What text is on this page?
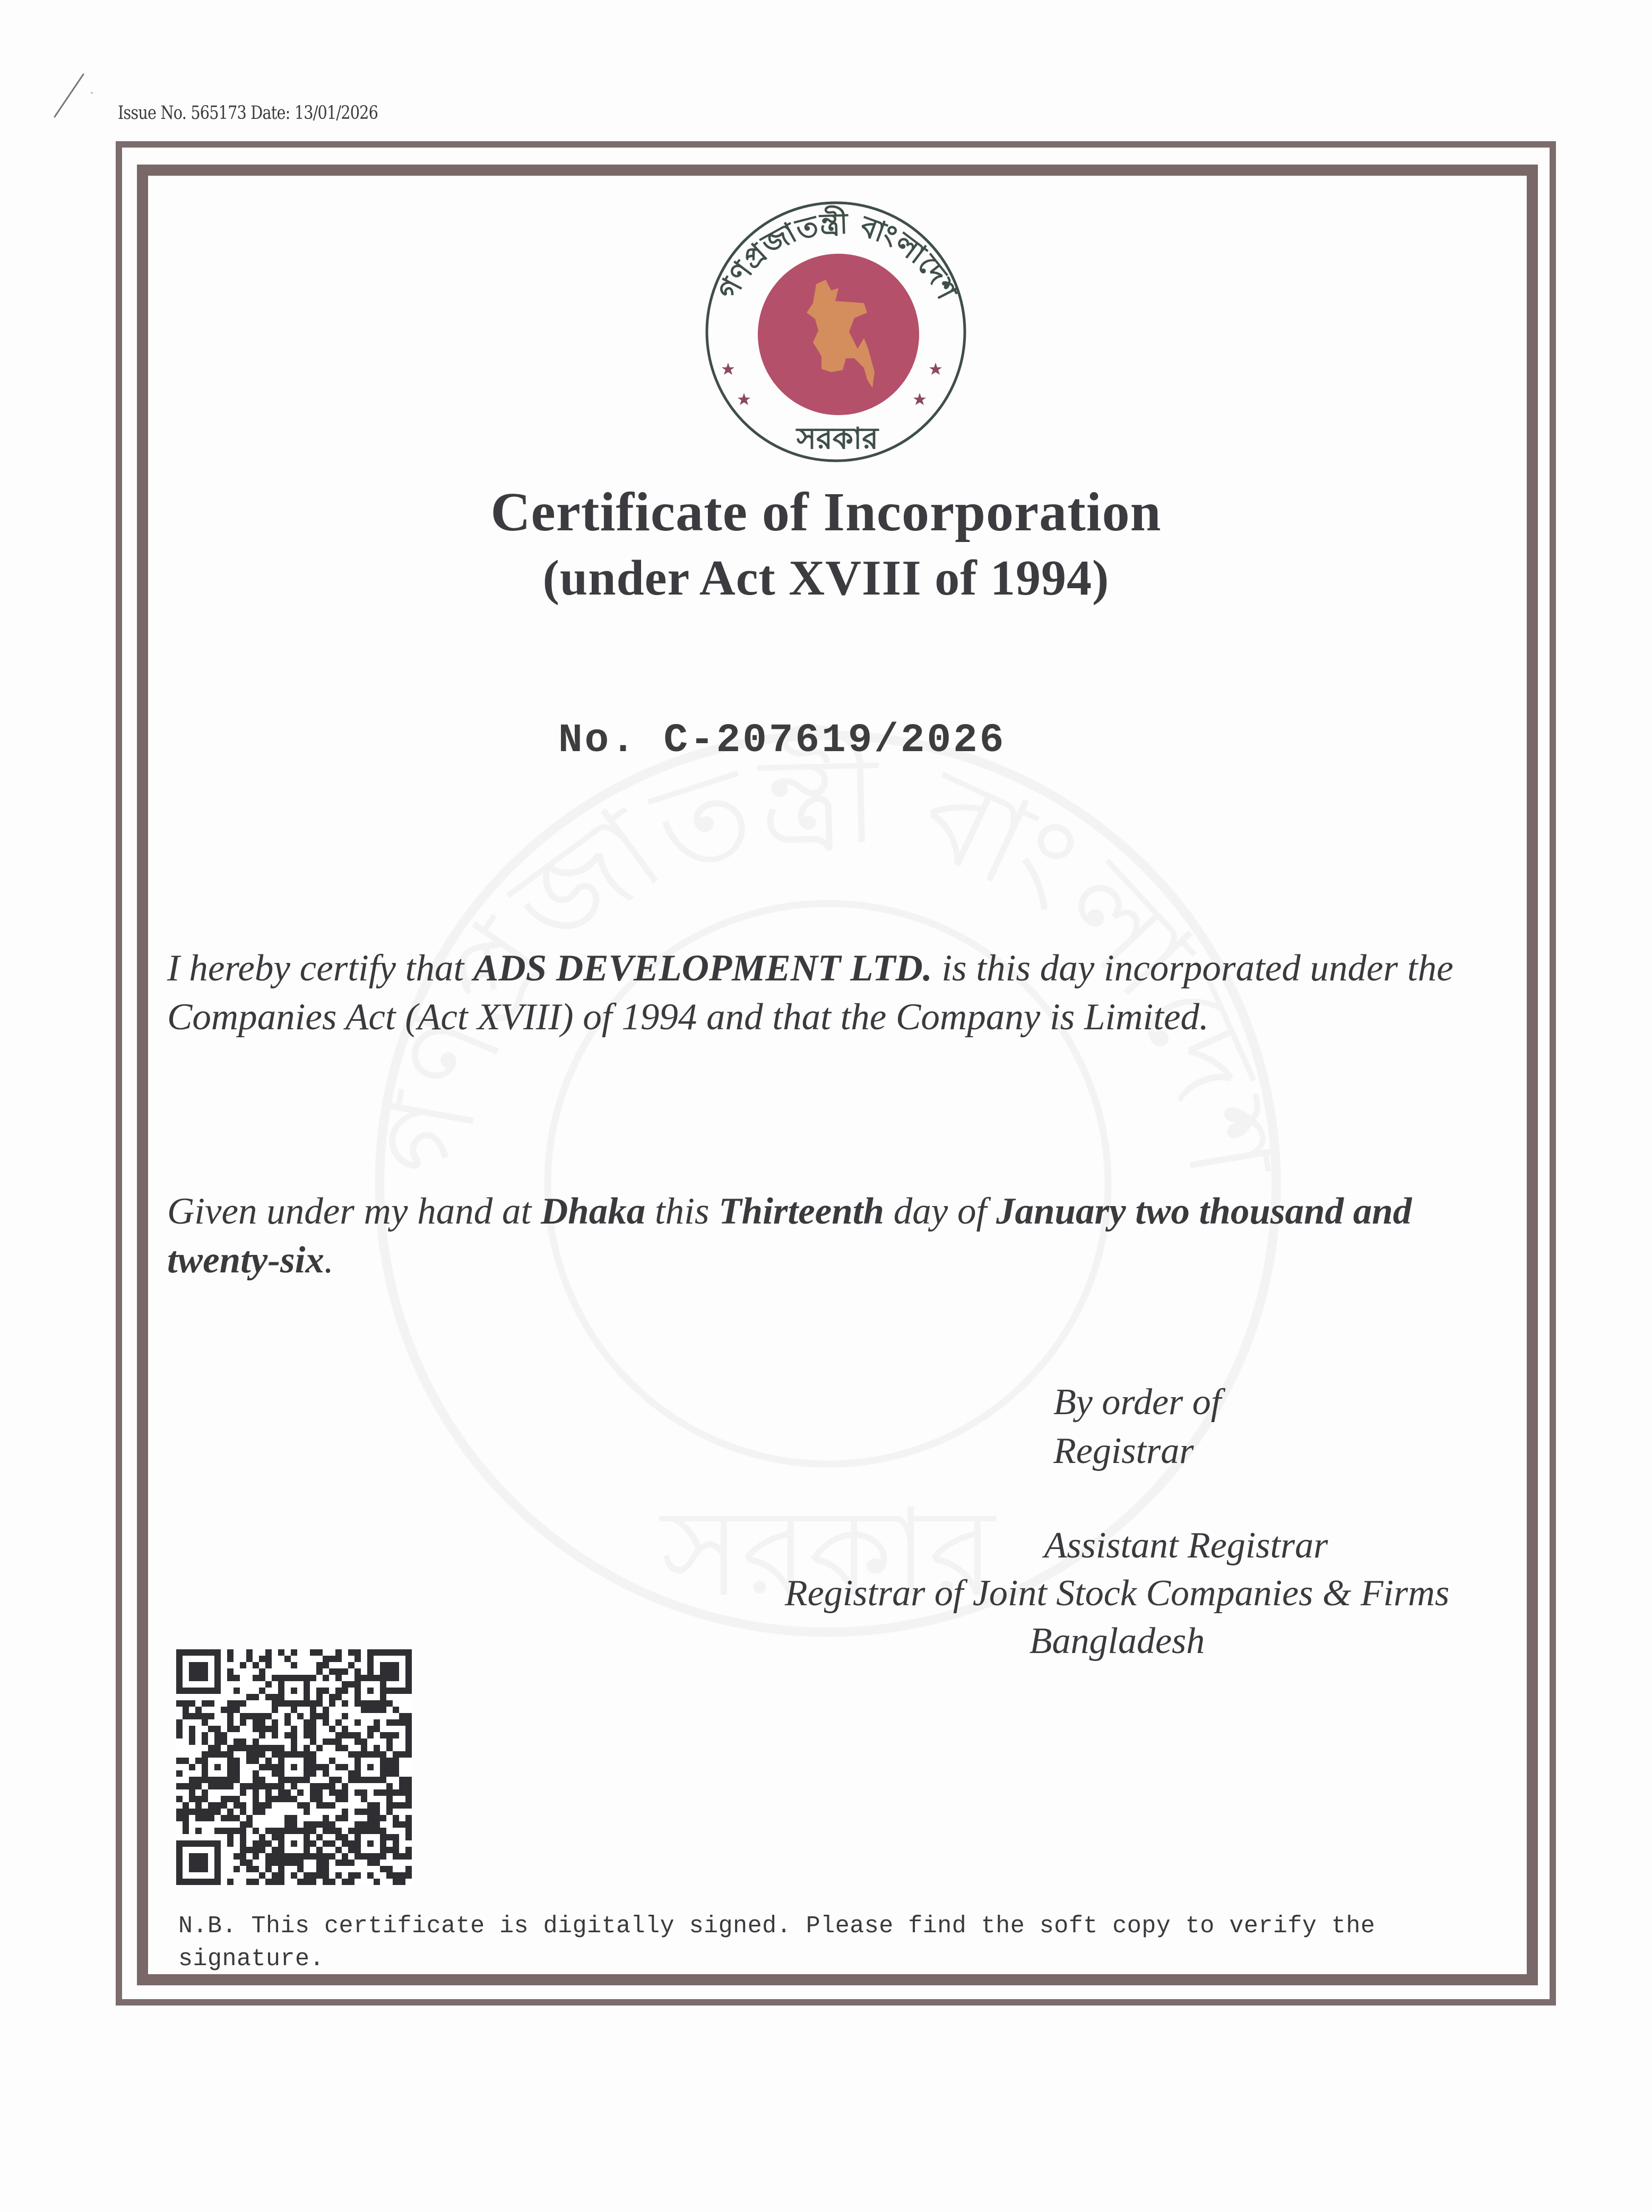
Issue No. 565173 Date: 13/01/2026
গণপ্রজাতন্ত্রী বাংলাদেশ
সরকার
Certificate of Incorporation
(under Act XVIII of 1994)
No. C-207619/2026
I hereby certify that ADS DEVELOPMENT LTD. is this day incorporated under the Companies Act (Act XVIII) of 1994 and that the Company is Limited.
Given under my hand at Dhaka this Thirteenth day of January two thousand and twenty-six.
By order of
Registrar
Assistant Registrar
Registrar of Joint Stock Companies & Firms
Bangladesh
N.B. This certificate is digitally signed. Please find the soft copy to verify the signature.
